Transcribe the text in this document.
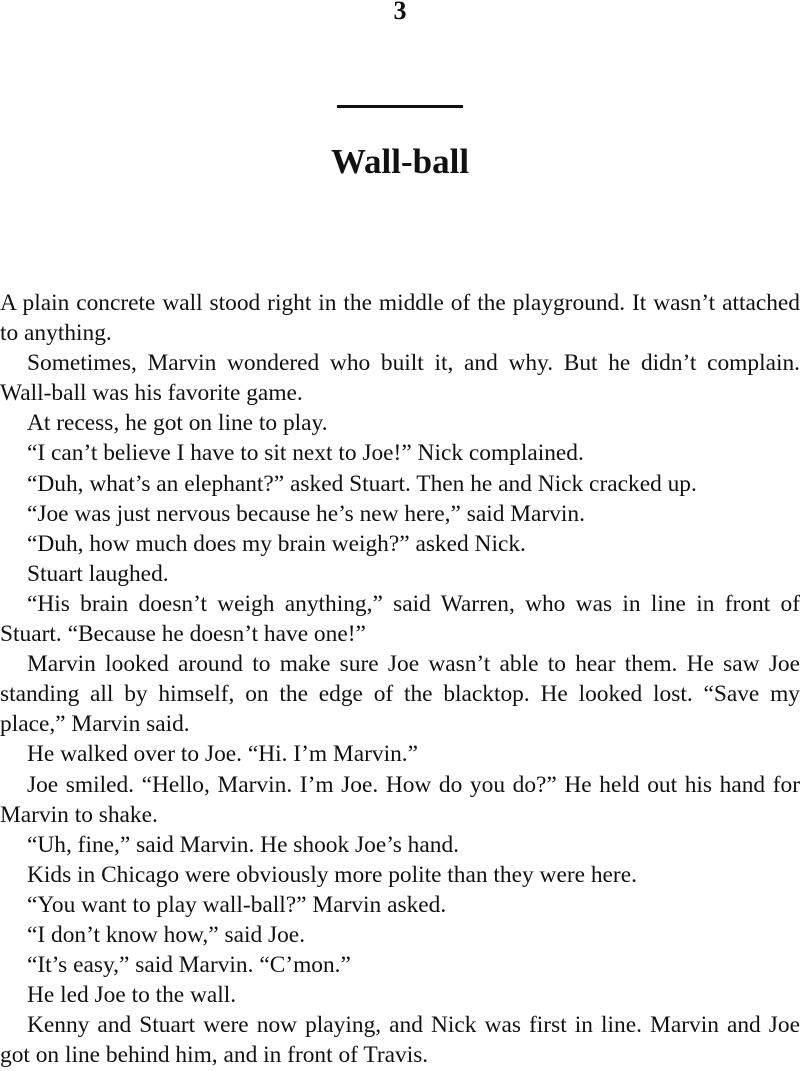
3
Wall-ball

A plain concrete wall stood right in the middle of the playground. It wasn’t attached to anything.

Sometimes, Marvin wondered who built it, and why. But he didn’t complain. Wall-ball was his favorite game.

At recess, he got on line to play.

“I can’t believe I have to sit next to Joe!” Nick complained.

“Duh, what’s an elephant?” asked Stuart. Then he and Nick cracked up.

“Joe was just nervous because he’s new here,” said Marvin.

“Duh, how much does my brain weigh?” asked Nick.

Stuart laughed.

“His brain doesn’t weigh anything,” said Warren, who was in line in front of Stuart. “Because he doesn’t have one!”

Marvin looked around to make sure Joe wasn’t able to hear them. He saw Joe standing all by himself, on the edge of the blacktop. He looked lost. “Save my place,” Marvin said.

He walked over to Joe. “Hi. I’m Marvin.”

Joe smiled. “Hello, Marvin. I’m Joe. How do you do?” He held out his hand for Marvin to shake.

“Uh, fine,” said Marvin. He shook Joe’s hand.

Kids in Chicago were obviously more polite than they were here.

“You want to play wall-ball?” Marvin asked.

“I don’t know how,” said Joe.

“It’s easy,” said Marvin. “C’mon.”

He led Joe to the wall.

Kenny and Stuart were now playing, and Nick was first in line. Marvin and Joe got on line behind him, and in front of Travis.
